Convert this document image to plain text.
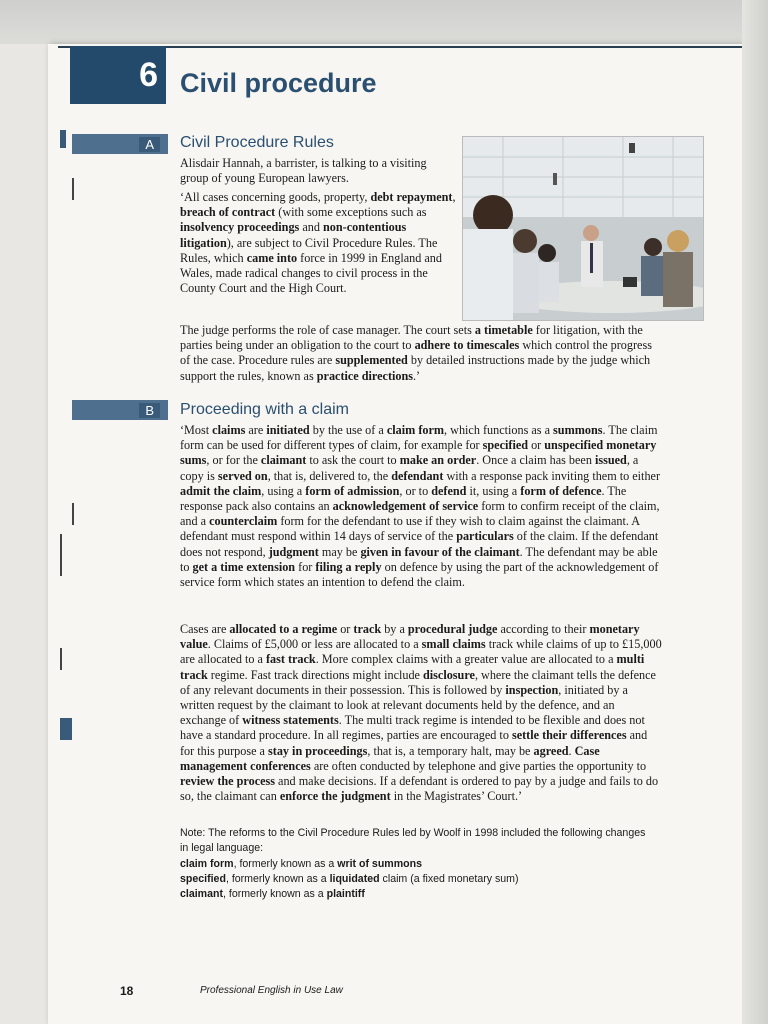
6 Civil procedure
A	Civil Procedure Rules
Alisdair Hannah, a barrister, is talking to a visiting group of young European lawyers.
‘All cases concerning goods, property, debt repayment, breach of contract (with some exceptions such as insolvency proceedings and non-contentious litigation), are subject to Civil Procedure Rules. The Rules, which came into force in 1999 in England and Wales, made radical changes to civil process in the County Court and the High Court.
The judge performs the role of case manager. The court sets a timetable for litigation, with the parties being under an obligation to the court to adhere to timescales which control the progress of the case. Procedure rules are supplemented by detailed instructions made by the judge which support the rules, known as practice directions.’
B	Proceeding with a claim
‘Most claims are initiated by the use of a claim form, which functions as a summons. The claim form can be used for different types of claim, for example for specified or unspecified monetary sums, or for the claimant to ask the court to make an order. Once a claim has been issued, a copy is served on, that is, delivered to, the defendant with a response pack inviting them to either admit the claim, using a form of admission, or to defend it, using a form of defence. The response pack also contains an acknowledgement of service form to confirm receipt of the claim, and a counterclaim form for the defendant to use if they wish to claim against the claimant. A defendant must respond within 14 days of service of the particulars of the claim. If the defendant does not respond, judgment may be given in favour of the claimant. The defendant may be able to get a time extension for filing a reply on defence by using the part of the acknowledgement of service form which states an intention to defend the claim.
Cases are allocated to a regime or track by a procedural judge according to their monetary value. Claims of £5,000 or less are allocated to a small claims track while claims of up to £15,000 are allocated to a fast track. More complex claims with a greater value are allocated to a multi track regime. Fast track directions might include disclosure, where the claimant tells the defence of any relevant documents in their possession. This is followed by inspection, initiated by a written request by the claimant to look at relevant documents held by the defence, and an exchange of witness statements. The multi track regime is intended to be flexible and does not have a standard procedure. In all regimes, parties are encouraged to settle their differences and for this purpose a stay in proceedings, that is, a temporary halt, may be agreed. Case management conferences are often conducted by telephone and give parties the opportunity to review the process and make decisions. If a defendant is ordered to pay by a judge and fails to do so, the claimant can enforce the judgment in the Magistrates’ Court.’
Note: The reforms to the Civil Procedure Rules led by Woolf in 1998 included the following changes in legal language:
claim form, formerly known as a writ of summons
specified, formerly known as a liquidated claim (a fixed monetary sum)
claimant, formerly known as a plaintiff
18	Professional English in Use Law
